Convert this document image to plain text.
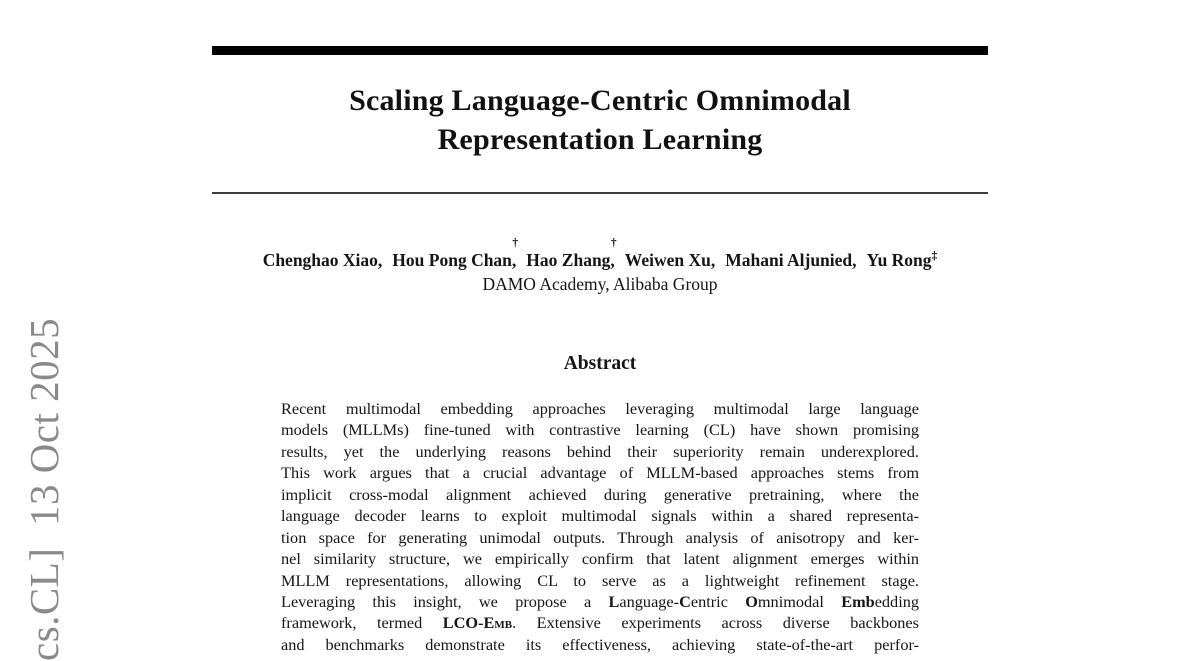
cs.CL]  13 Oct 2025
Scaling Language-Centric Omnimodal
Representation Learning
Chenghao Xiao, Hou Pong Chan,
†
Hao Zhang,
†
Weiwen Xu, Mahani Aljunied, Yu Rong‡
DAMO Academy, Alibaba Group
Abstract
Recent multimodal embedding approaches leveraging multimodal large language
models (MLLMs) fine-tuned with contrastive learning (CL) have shown promising
results, yet the underlying reasons behind their superiority remain underexplored.
This work argues that a crucial advantage of MLLM-based approaches stems from
implicit cross-modal alignment achieved during generative pretraining, where the
language decoder learns to exploit multimodal signals within a shared representa-
tion space for generating unimodal outputs. Through analysis of anisotropy and ker-
nel similarity structure, we empirically confirm that latent alignment emerges within
MLLM representations, allowing CL to serve as a lightweight refinement stage.
Leveraging this insight, we propose a Language-Centric Omnimodal Embedding
framework, termed LCO-Emb. Extensive experiments across diverse backbones
and benchmarks demonstrate its effectiveness, achieving state-of-the-art perfor-
